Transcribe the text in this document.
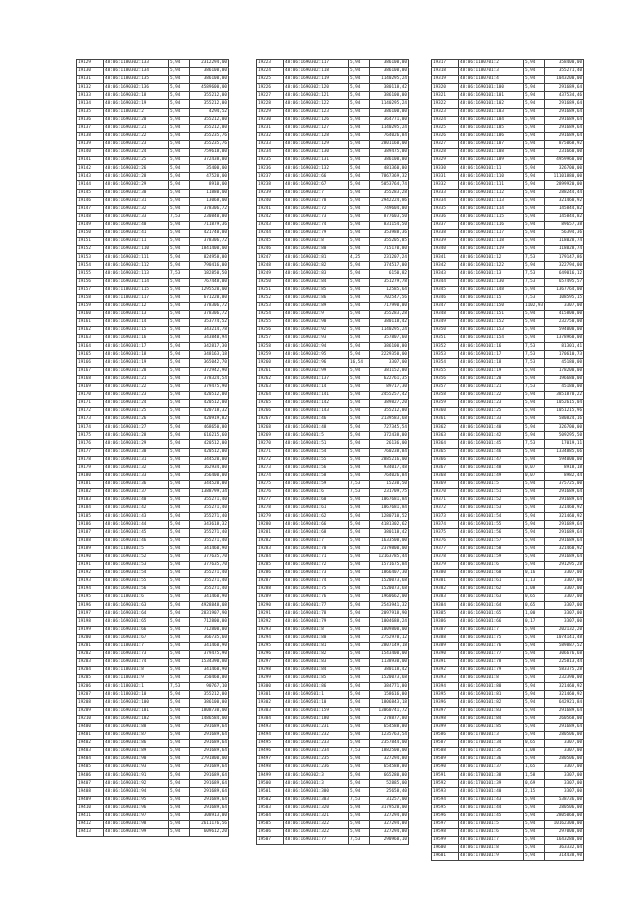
19129	48:06:1180302:133	5,94	2312294,00
19130	48:06:1180302:134	5,94	386100,00
19131	48:06:1180302:135	5,94	386100,00
19132	48:06:1690302:136	5,94	4589600,00
19133	48:06:1690302:18	5,94	355212,00
19134	48:06:1690302:19	5,94	355212,00
19135	48:06:1180302:2	5,94	4294,52
19136	48:06:1690302:20	5,94	355212,00
19137	48:06:1690302:21	5,94	355212,00
19138	48:06:1690302:22	5,94	355235,76
19139	48:06:1690302:23	5,94	355235,76
19140	48:06:1690302:24	5,94	759618,00
19141	48:06:1690302:25	5,94	372438,00
19142	48:06:1690302:26	5,94	35400,00
19143	48:06:1690302:28	5,94	47520,00
19144	48:06:1690302:29	5,94	8910,00
19145	48:06:1690302:30	5,94	11880,00
19146	48:06:1690302:31	5,94	13068,00
19147	48:06:1690302:32	5,94	378306,72
19148	48:06:1690302:33	7,53	230840,00
19149	48:06:1690302:40	5,94	711879,36
19150	48:06:1690302:41	5,94	421740,00
19151	48:06:1690302:11	5,94	378306,72
19152	48:06:1690302:110	5,94	1841400,00
19153	48:06:1690302:111	5,94	824958,00
19154	48:06:1690302:112	5,94	790416,00
19155	48:06:1690302:113	7,53	182850,50
19156	48:06:1690302:114	5,94	767448,00
19157	48:06:1180302:115	5,94	1295520,00
19158	48:06:1180302:117	5,94	671220,00
19159	48:06:1690302:12	5,94	378306,72
19160	48:06:1690301:13	5,94	378306,72
19161	48:06:1690301:14	5,94	353774,52
19162	48:06:1690301:15	5,94	343214,78
19163	48:06:1690301:16	5,94	343840,94
19164	48:06:1690301:17	5,94	342817,30
19165	48:06:1690301:18	5,94	348163,18
19166	48:06:1690301:19	5,94	365042,70
19167	48:06:1690301:20	5,94	372942,90
19168	48:06:1690301:21	5,94	378324,54
19169	48:06:1690301:22	5,94	379475,90
19170	48:06:1690301:23	5,94	420512,00
19171	48:06:1690301:24	5,94	420512,00
19172	48:06:1690301:25	5,94	420718,32
19173	48:06:1690301:26	5,94	420919,82
19174	48:06:1690301:27	5,94	468650,00
19175	48:06:1690301:28	5,94	616215,60
19176	48:06:1690301:29	5,94	420512,00
19177	48:06:1690301:30	5,94	420512,00
19178	48:06:1690301:31	5,94	344520,00
19179	48:06:1690301:32	5,94	162934,00
19180	48:06:1690301:33	5,94	356400,00
19181	48:06:1690301:36	5,94	344520,00
19182	48:06:1690301:37	5,94	1388799,34
19183	48:06:1690301:40	5,94	355271,40
19184	48:06:1690301:42	5,94	355271,40
19185	48:06:1690301:43	5,94	355271,40
19186	48:06:1690301:44	5,94	343618,32
19187	48:06:1690301:45	5,94	355271,40
19188	48:06:1690301:46	5,94	355271,40
19189	48:06:1180301:5	5,94	341460,90
19190	48:06:1690301:52	5,94	377635,70
19191	48:06:1690301:53	5,94	377635,70
19192	48:06:1690301:54	5,94	355271,40
19193	48:06:1690301:55	5,94	355271,40
19194	48:06:1690301:56	5,94	355271,40
19195	48:06:1180301:6	5,94	341460,90
19196	48:06:1690301:63	5,94	4928848,08
19197	48:06:1690301:64	5,94	2831907,90
19198	48:06:1690301:65	5,94	712800,00
19199	48:06:1690301:66	5,94	712800,00
19200	48:06:1690301:67	5,94	366735,60
19201	48:06:1180301:7	5,94	341460,90
19202	48:06:1690301:73	5,94	379475,90
19203	48:06:1690301:74	5,94	1534390,80
19204	48:06:1180301:8	5,94	341460,90
19205	48:06:1180301:9	5,94	350460,00
19206	48:06:1180302:1	7,53	90767,10
19207	48:06:1180302:10	5,94	355212,00
19208	48:06:1690302:100	5,94	386100,00
19209	48:06:1690302:101	5,94	1808730,00
19210	48:06:1690302:102	5,94	1486584,00
19400	48:06:1690301:88	5,94	291689,64
19401	48:06:1690301:87	5,94	291689,64
19402	48:06:1690301:86	5,94	291689,64
19403	48:06:1690301:89	5,94	291689,64
19404	48:06:1690301:90	5,94	2791800,00
19405	48:06:1690301:93	5,94	291689,64
19406	48:06:1690301:91	5,94	291689,64
19407	48:06:1690301:92	5,94	291689,64
19408	48:06:1690301:94	5,94	291689,64
19409	48:06:1690301:95	5,94	291689,64
19410	48:06:1690301:96	5,94	291689,64
19411	48:06:1690301:97	5,94	308913,00
19412	48:06:1690301:98	5,94	2611176,56
19413	48:06:1690301:99	5,94	609612,20
19223	48:06:1690302:117	5,94	386100,00
19224	48:06:1690302:118	5,94	386100,00
19225	48:06:1690302:119	5,94	1140295,24
19226	48:06:1690302:120	5,94	380118,42
19227	48:06:1690302:121	5,94	386100,00
19228	48:06:1690302:122	5,94	1140295,24
19229	48:06:1690302:123	5,94	386100,00
19230	48:06:1690302:126	5,94	364771,00
19231	48:06:1690302:127	5,94	1140295,24
19232	48:06:1690302:128	5,94	764026,84
19233	48:06:1690302:129	5,94	2801160,00
19234	48:06:1690302:130	5,94	389475,00
19235	48:06:1690302:131	5,94	386100,00
19236	48:06:1690302:132	5,94	481360,00
19237	48:06:1690302:66	5,94	7867369,32
19238	48:06:1690302:67	5,94	5053764,74
19239	48:06:1690302:7	5,94	355283,28
19240	48:06:1690302:70	5,94	2942224,86
19241	48:06:1690302:72	5,94	749604,00
19242	48:06:1690302:73	5,94	877603,50
19243	48:06:1690302:74	5,94	831154,50
19244	48:06:1690302:79	5,94	353988,36
19245	48:06:1690302:8	5,94	355205,05
19246	48:06:1690302:80	5,94	715170,00
19247	48:06:1690302:81	4,25	231207,24
19248	48:06:1690302:82	5,94	374517,00
19249	48:06:1690302:83	5,94	6150,82
19250	48:06:1690302:84	5,94	351279,78
19251	48:06:1690302:85	5,94	12585,64
19252	48:06:1690302:86	5,94	702547,56
19253	48:06:1690302:89	5,94	717990,00
19254	48:06:1690302:9	5,94	355283,28
19255	48:06:1690302:90	5,94	380118,42
19256	48:06:1690302:92	5,94	1140295,24
19257	48:06:1690302:93	5,94	357807,60
19258	48:06:1690302:94	5,94	386100,00
19259	48:06:1690302:95	5,94	2229350,00
19260	48:06:1690302:96	16,54	3307,00
19261	48:06:1690302:99	5,94	381152,00
19262	48:06:1690401:137	5,94	622761,35
19263	48:06:1690401:14	5,94	89717,30
19264	48:06:1690401:141	5,94	2455257,42
19265	48:06:1690401:142	5,94	389827,20
19266	48:06:1690401:143	5,94	355212,00
19267	48:06:1690401:46	5,94	2139583,68
19268	48:06:1690401:48	5,94	727345,54
19269	48:06:1690401:5	5,94	372438,00
19270	48:06:1690401:51	5,94	26136,00
19271	48:06:1690401:54	5,94	760238,84
19272	48:06:1690401:55	5,94	2885216,00
19273	48:06:1690401:56	5,94	934017,48
19274	48:06:1690401:58	5,94	764026,84
19275	48:06:1690401:59	7,53	15230,50
19276	48:06:1690401:6	7,53	231709,75
19277	48:06:1690401:60	5,94	1067681,84
19278	48:06:1690401:61	5,94	1067681,84
19279	48:06:1690401:62	5,94	1280710,52
19280	48:06:1690401:66	5,94	4181302,62
19281	48:06:1690401:68	5,94	380118,42
19282	48:06:1690401:7	5,94	1633500,00
19283	48:06:1690401:70	5,94	2379800,00
19284	48:06:1690401:71	5,94	12163785,44
19285	48:06:1690401:72	5,94	1571675,84
19286	48:06:1690401:73	5,94	1866407,30
19287	48:06:1690401:74	5,94	1520073,68
19288	48:06:1690401:75	5,94	1520073,68
19289	48:06:1690401:76	5,94	1960662,00
19290	48:06:1690401:77	5,94	2543941,32
19291	48:06:1690401:78	5,94	2097918,90
19292	48:06:1690401:79	5,94	1004688,24
19293	48:06:1690401:8	5,94	1009800,00
19294	48:06:1690401:80	5,94	2752970,12
19295	48:06:1690401:81	5,94	2807149,18
19296	48:06:1690401:82	5,94	1543400,00
19297	48:06:1690401:83	5,94	1138930,00
19298	48:06:1690401:84	5,94	380118,42
19299	48:06:1690401:85	5,94	1520073,68
19300	48:06:1690401:86	5,94	384771,00
19301	48:06:1690501:1	5,94	158616,00
19302	48:06:1690501:10	5,94	1806843,18
19303	48:06:1690501:159	5,94	13060741,72
19304	48:06:1690501:180	5,94	278877,00
19493	48:06:1690301:231	5,94	654588,00
19494	48:06:1690301:232	5,94	1235763,54
19495	48:06:1690301:233	5,94	2357844,00
19496	48:06:1690301:234	7,53	1882500,00
19497	48:06:1690301:235	5,94	327294,00
19498	48:06:1690301:236	5,94	654588,00
19499	48:06:1690302:3	5,94	665280,00
19500	48:06:1690301:3	5,94	52885,00
19501	48:06:1690301:300	5,94	25658,40
19502	48:06:1690301:303	7,53	31257,00
19503	48:06:1690301:320	5,94	3179520,00
19504	48:06:1690301:321	5,94	327294,00
19505	48:06:1690301:322	5,94	327294,00
19506	48:06:1690301:322	5,94	327294,00
19507	48:06:1690301:77	7,53	290960,10
19317	48:06:1180701:2	5,94	358400,00
19318	48:06:1180701:3	5,94	355271,40
19319	48:06:1180701:4	5,94	1043200,00
19320	48:06:1690101:100	5,94	291689,64
19321	48:06:1690101:101	5,94	437534,46
19322	48:06:1690101:102	5,94	291689,64
19323	48:06:1690101:103	5,94	291689,64
19324	48:06:1690101:104	5,94	291689,64
19325	48:06:1640101:105	5,94	291689,64
19326	48:06:1690101:106	5,94	291689,64
19327	48:06:1690101:107	5,94	875068,92
19328	48:06:1690101:108	5,94	231660,00
19329	48:06:1690101:109	5,94	4959960,00
19330	48:06:1690101:11	5,94	326700,00
19331	48:06:1690101:110	5,94	11101880,00
19332	48:06:1690101:111	5,94	2899920,00
19333	48:06:1690101:112	5,94	288244,44
19334	48:06:1690101:113	5,94	321460,92
19335	48:06:1690101:114	5,94	145844,82
19336	48:06:1690101:115	5,94	145844,82
19337	48:06:1690101:116	5,94	89657,38
19338	48:06:1690101:117	5,94	56394,36
19339	48:06:1690101:118	5,94	118028,74
19340	48:06:1690101:119	5,94	118028,74
19341	48:06:1690101:12	7,53	179147,86
19342	48:06:1690101:122	5,94	322794,00
19343	48:06:1690101:13	7,53	649016,12
19344	48:06:1690101:130	7,53	657495,57
19345	48:06:1690101:148	5,94	1367764,00
19346	48:06:1690101:15	7,53	108595,15
19347	48:06:1690101:150	1102,93	3307,00
19348	48:06:1690101:151	5,94	415800,00
19349	48:06:1690101:152	5,94	232750,00
19350	48:06:1690101:153	5,94	594000,00
19351	48:06:1690101:154	5,94	1378960,00
19352	48:06:1690101:16	7,53	81301,41
19353	48:06:1690101:17	7,53	170610,73
19354	48:06:1690101:18	7,53	45180,00
19355	48:06:1690101:19	5,94	178200,00
19356	48:06:1690101:20	5,94	196680,00
19357	48:06:1690101:21	7,53	45180,00
19358	48:06:1690101:22	5,94	3851870,22
19359	48:06:1690101:23	5,94	1052615,04
19360	48:06:1690101:25	5,94	1051215,96
19361	48:06:1690101:33	5,94	580824,16
19362	48:06:1690101:40	5,94	326700,00
19363	48:06:1690101:42	5,94	509295,50
19364	48:06:1690101:45	7,53	17019,11
19365	48:06:1690101:46	5,94	1334885,66
19366	48:06:1690101:47	5,94	594000,00
19367	48:06:1690101:48	0,07	8918,18
19368	48:06:1690101:49	0,07	8982,44
19369	48:06:1690101:5	5,94	375725,00
19370	48:06:1690101:51	5,94	291689,64
19371	48:06:1690101:52	5,94	291689,64
19372	48:06:1690101:53	5,94	321460,92
19373	48:06:1690101:54	5,94	321460,92
19374	48:06:1690101:55	5,94	291689,64
19375	48:06:1690101:56	5,94	291689,64
19376	48:06:1690101:57	5,94	291689,64
19377	48:06:1690101:58	5,94	321460,92
19378	48:06:1690101:59	5,94	291689,64
19379	48:06:1690101:6	5,94	291295,28
19380	48:06:1690101:60	0,16	3307,00
19381	48:06:1690101:61	1,13	3307,00
19382	48:06:1690101:62	1,08	3307,00
19383	48:06:1690101:63	0,65	3307,00
19384	48:06:1690101:64	0,65	3307,00
19385	48:06:1690101:65	1,00	3307,00
19386	48:06:1690101:66	0,17	3307,00
19387	48:06:1690101:7	5,94	202132,20
19388	48:06:1690101:75	5,94	1074141,48
19389	48:06:1690101:76	5,94	589887,52
19390	48:06:1690101:77	5,94	306676,68
19391	48:06:1690101:78	5,94	225813,44
19392	48:06:1690101:79	5,94	583375,28
19393	48:06:1690101:8	5,94	232390,00
19394	48:06:1690101:80	5,94	321460,92
19395	48:06:1690101:81	5,94	321460,92
19396	48:06:1690101:82	5,94	642921,84
19397	48:06:1690101:83	5,94	291689,64
19398	48:06:1690101:84	5,94	260568,00
19399	48:06:1690101:85	5,94	291689,64
19586	48:06:1700101:3	5,94	280506,00
19587	48:06:1700101:34	0,65	3307,00
19588	48:06:1700101:35	1,08	3307,00
19589	48:06:1700101:36	5,94	280506,00
19590	48:06:1700101:37	1,65	3307,00
19591	48:06:1700101:38	1,58	3307,00
19592	48:06:1700101:39	0,69	3307,00
19593	48:06:1700101:40	2,15	3307,00
19594	48:06:1700101:43	5,94	538736,00
19595	48:06:1700101:44	5,94	280506,00
19596	48:06:1700101:45	5,94	2805060,00
19597	48:06:1700101:5	5,94	10162300,00
19598	48:06:1700101:6	5,94	297000,00
19599	48:06:1700101:7	5,94	1643280,00
19600	48:06:1700101:8	5,94	363332,04
19601	48:06:1700101:9	5,94	314438,90
